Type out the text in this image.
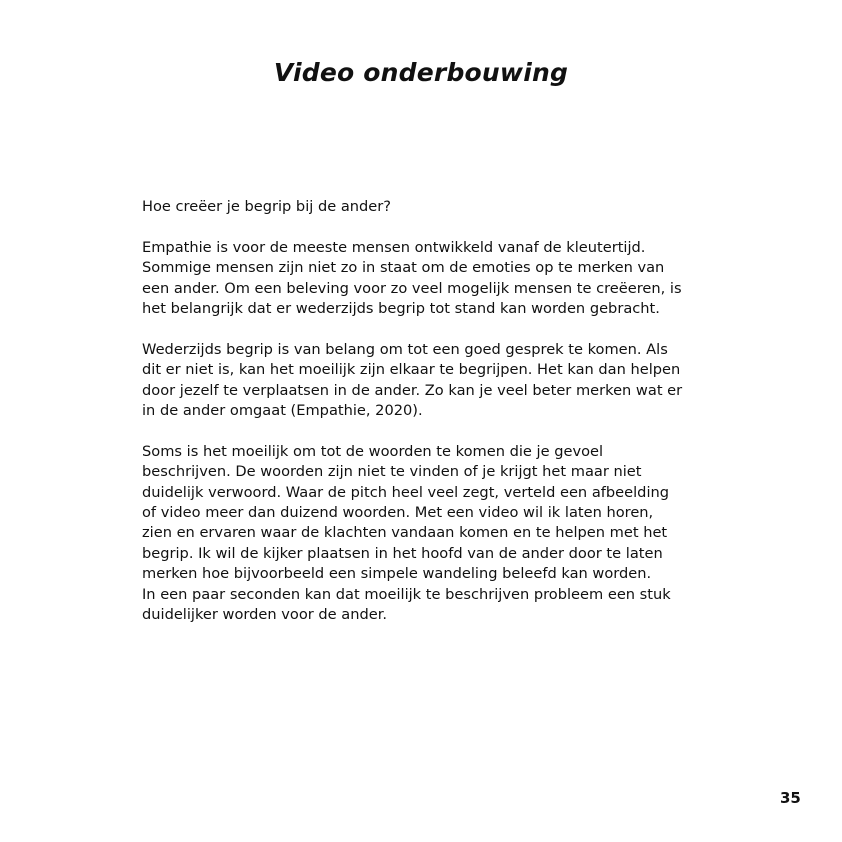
Video onderbouwing

Hoe creëer je begrip bij de ander?

Empathie is voor de meeste mensen ontwikkeld vanaf de kleutertijd.
Sommige mensen zijn niet zo in staat om de emoties op te merken van
een ander. Om een beleving voor zo veel mogelijk mensen te creëeren, is
het belangrijk dat er wederzijds begrip tot stand kan worden gebracht.

Wederzijds begrip is van belang om tot een goed gesprek te komen. Als
dit er niet is, kan het moeilijk zijn elkaar te begrijpen. Het kan dan helpen
door jezelf te verplaatsen in de ander. Zo kan je veel beter merken wat er
in de ander omgaat (Empathie, 2020).

Soms is het moeilijk om tot de woorden te komen die je gevoel
beschrijven. De woorden zijn niet te vinden of je krijgt het maar niet
duidelijk verwoord. Waar de pitch heel veel zegt, verteld een afbeelding
of video meer dan duizend woorden. Met een video wil ik laten horen,
zien en ervaren waar de klachten vandaan komen en te helpen met het
begrip. Ik wil de kijker plaatsen in het hoofd van de ander door te laten
merken hoe bijvoorbeeld een simpele wandeling beleefd kan worden.
In een paar seconden kan dat moeilijk te beschrijven probleem een stuk
duidelijker worden voor de ander.

35
